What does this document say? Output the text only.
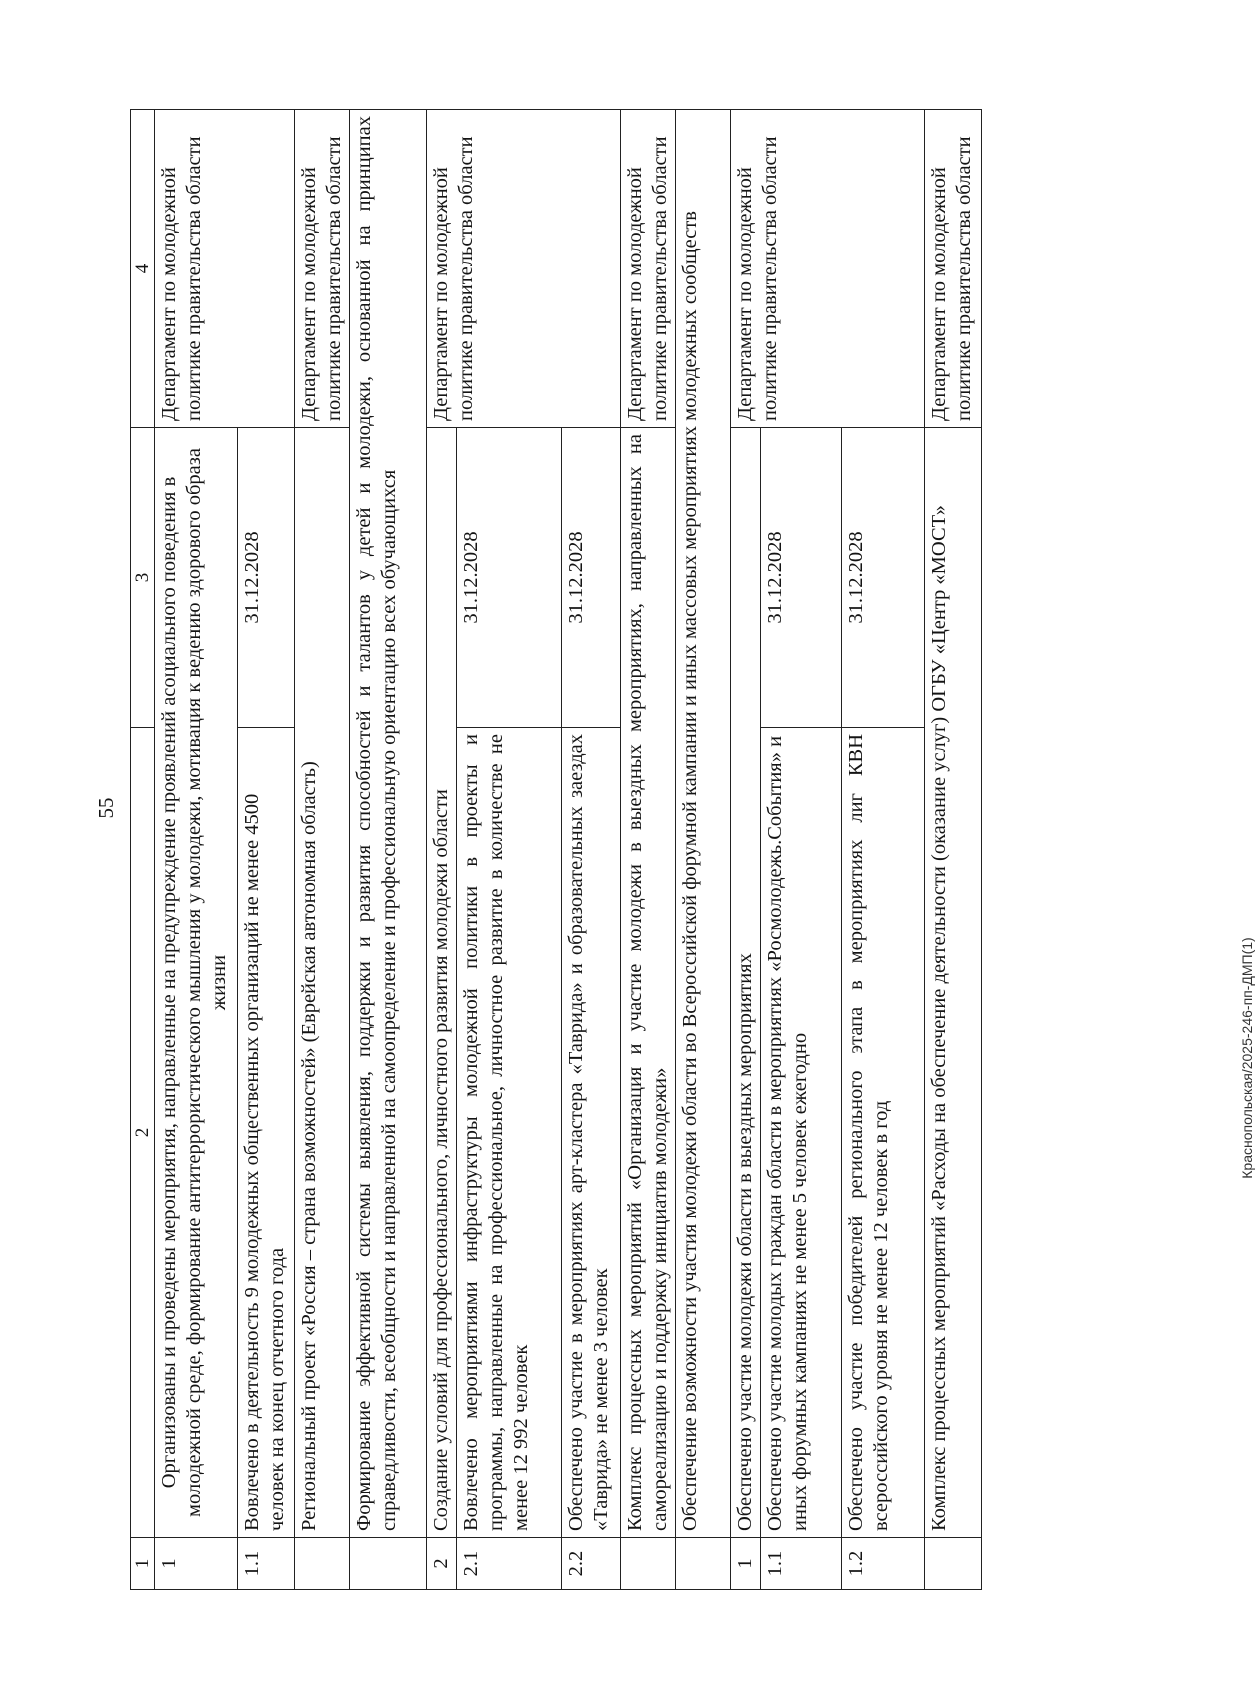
55
1	2	3	4
1	Организованы и проведены мероприятия, направленные на предупреждение проявлений асоциального поведения в молодежной среде, формирование антитеррористического мышления у молодежи, мотивация к ведению здорового образа жизни		Департамент по молодежной политике правительства области
1.1	Вовлечено в деятельность 9 молодежных общественных организаций не менее 4500 человек на конец отчетного года	31.12.2028	
	Региональный проект «Россия – страна возможностей» (Еврейская автономная область)		Департамент по молодежной политике правительства области
	Формирование эффективной системы выявления, поддержки и развития способностей и талантов у детей и молодежи, основанной на принципах справедливости, всеобщности и направленной на самоопределение и профессиональную ориентацию всех обучающихся		
2	Создание условий для профессионального, личностного развития молодежи области		Департамент по молодежной политике правительства области
2.1	Вовлечено мероприятиями инфраструктуры молодежной политики в проекты и программы, направленные на профессиональное, личностное развитие в количестве не менее 12 992 человек	31.12.2028	
2.2	Обеспечено участие в мероприятиях арт-кластера «Таврида» и образовательных заездах «Таврида» не менее 3 человек	31.12.2028	
	Комплекс процессных мероприятий «Организация и участие молодежи в выездных мероприятиях, направленных на самореализацию и поддержку инициатив молодежи»		Департамент по молодежной политике правительства области
	Обеспечение возможности участия молодежи области во Всероссийской форумной кампании и иных массовых мероприятиях молодежных сообществ		
1	Обеспечено участие молодежи области в выездных мероприятиях		Департамент по молодежной политике правительства области
1.1	Обеспечено участие молодых граждан области в мероприятиях «Росмолодежь.События» и иных форумных кампаниях не менее 5 человек ежегодно	31.12.2028	
1.2	Обеспечено участие победителей регионального этапа в мероприятиях лиг КВН всероссийского уровня не менее 12 человек в год	31.12.2028	
	Комплекс процессных мероприятий «Расходы на обеспечение деятельности (оказание услуг) ОГБУ «Центр «МОСТ»		Департамент по молодежной политике правительства области
Краснопольская/2025-246-пп-ДМП(1)
